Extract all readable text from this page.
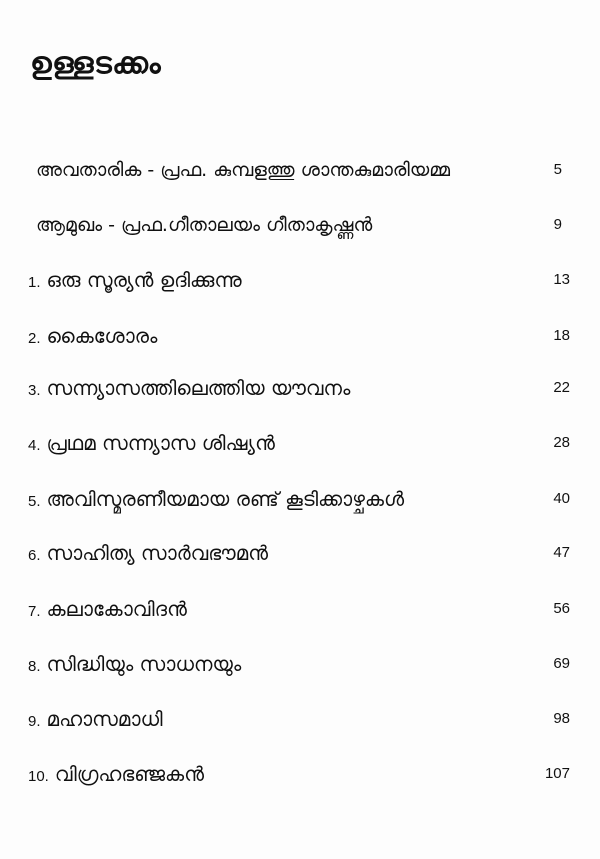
ഉള്ളടക്കം
അവതാരിക - പ്രഫ. കുമ്പളത്തു ശാന്തകുമാരിയമ്മ	5
ആമുഖം - പ്രഫ.ഗീതാലയം ഗീതാകൃഷ്ണൻ	9
1. ഒരു സൂര്യൻ ഉദിക്കുന്നു	13
2. കൈശോരം	18
3. സന്ന്യാസത്തിലെത്തിയ യൗവനം	22
4. പ്രഥമ സന്ന്യാസ ശിഷ്യൻ	28
5. അവിസ്മരണീയമായ രണ്ട് കൂടിക്കാഴ്ചകൾ	40
6. സാഹിത്യ സാർവഭൗമൻ	47
7. കലാകോവിദൻ	56
8. സിദ്ധിയും സാധനയും	69
9. മഹാസമാധി	98
10. വിഗ്രഹഭഞ്ജകൻ	107
